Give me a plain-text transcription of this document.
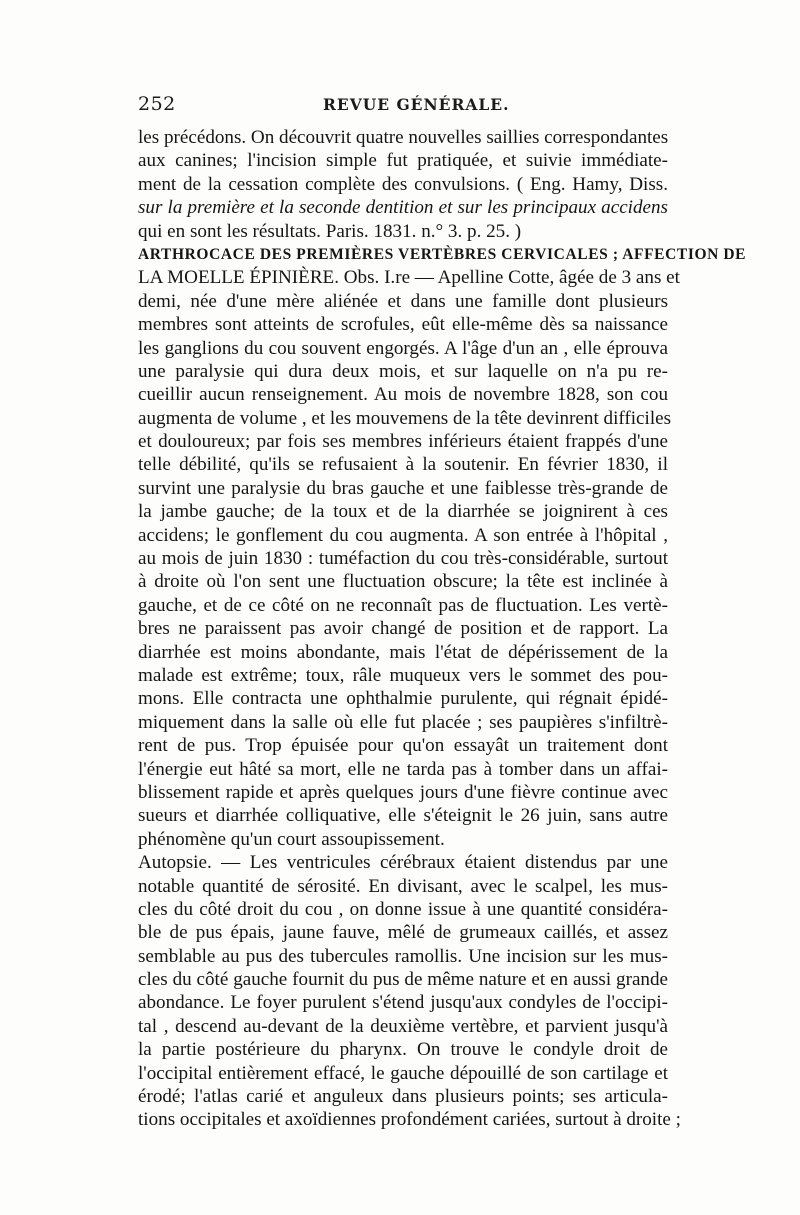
252	REVUE GÉNÉRALE.
les précédons. On découvrit quatre nouvelles saillies correspondantes
aux canines; l'incision simple fut pratiquée, et suivie immédiate-
ment de la cessation complète des convulsions. ( Eng. Hamy, Diss.
sur la première et la seconde dentition et sur les principaux accidens
qui en sont les résultats. Paris. 1831. n.° 3. p. 25. )
ARTHROCACE DES PREMIÈRES VERTÈBRES CERVICALES ; AFFECTION DE
LA MOELLE ÉPINIÈRE. Obs. I.re — Apelline Cotte, âgée de 3 ans et
demi, née d'une mère aliénée et dans une famille dont plusieurs
membres sont atteints de scrofules, eût elle-même dès sa naissance
les ganglions du cou souvent engorgés. A l'âge d'un an , elle éprouva
une paralysie qui dura deux mois, et sur laquelle on n'a pu re-
cueillir aucun renseignement. Au mois de novembre 1828, son cou
augmenta de volume , et les mouvemens de la tête devinrent difficiles
et douloureux; par fois ses membres inférieurs étaient frappés d'une
telle débilité, qu'ils se refusaient à la soutenir. En février 1830, il
survint une paralysie du bras gauche et une faiblesse très-grande de
la jambe gauche; de la toux et de la diarrhée se joignirent à ces
accidens; le gonflement du cou augmenta. A son entrée à l'hôpital ,
au mois de juin 1830 : tuméfaction du cou très-considérable, surtout
à droite où l'on sent une fluctuation obscure; la tête est inclinée à
gauche, et de ce côté on ne reconnaît pas de fluctuation. Les vertè-
bres ne paraissent pas avoir changé de position et de rapport. La
diarrhée est moins abondante, mais l'état de dépérissement de la
malade est extrême; toux, râle muqueux vers le sommet des pou-
mons. Elle contracta une ophthalmie purulente, qui régnait épidé-
miquement dans la salle où elle fut placée ; ses paupières s'infiltrè-
rent de pus. Trop épuisée pour qu'on essayât un traitement dont
l'énergie eut hâté sa mort, elle ne tarda pas à tomber dans un affai-
blissement rapide et après quelques jours d'une fièvre continue avec
sueurs et diarrhée colliquative, elle s'éteignit le 26 juin, sans autre
phénomène qu'un court assoupissement.
Autopsie. — Les ventricules cérébraux étaient distendus par une
notable quantité de sérosité. En divisant, avec le scalpel, les mus-
cles du côté droit du cou , on donne issue à une quantité considéra-
ble de pus épais, jaune fauve, mêlé de grumeaux caillés, et assez
semblable au pus des tubercules ramollis. Une incision sur les mus-
cles du côté gauche fournit du pus de même nature et en aussi grande
abondance. Le foyer purulent s'étend jusqu'aux condyles de l'occipi-
tal , descend au-devant de la deuxième vertèbre, et parvient jusqu'à
la partie postérieure du pharynx. On trouve le condyle droit de
l'occipital entièrement effacé, le gauche dépouillé de son cartilage et
érodé; l'atlas carié et anguleux dans plusieurs points; ses articula-
tions occipitales et axoïdiennes profondément cariées, surtout à droite ;
